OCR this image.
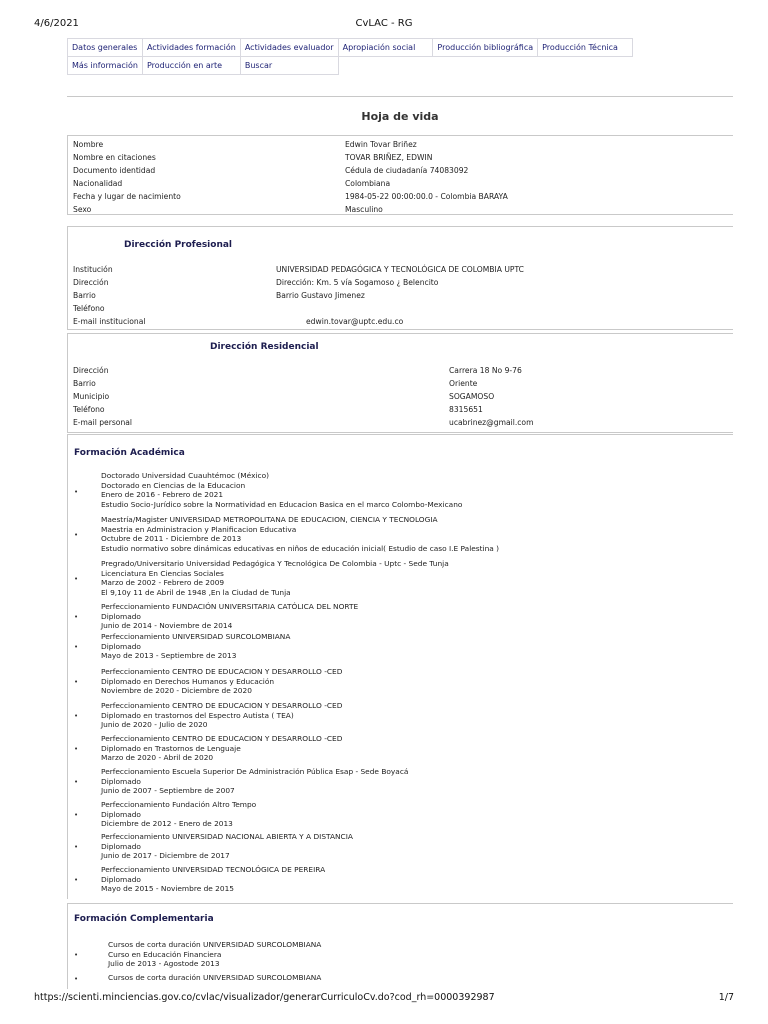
4/6/2021	CvLAC - RG
Datos generales	Actividades formación	Actividades evaluador	Apropiación social	Producción bibliográfica	Producción Técnica
Más información	Producción en arte	Buscar			
Hoja de vida
Nombre	Edwin Tovar Briñez
Nombre en citaciones	TOVAR BRIÑEZ, EDWIN
Documento identidad	Cédula de ciudadanía 74083092
Nacionalidad	Colombiana
Fecha y lugar de nacimiento	1984-05-22 00:00:00.0 - Colombia BARAYA
Sexo	Masculino
Dirección Profesional
Institución	UNIVERSIDAD PEDAGÓGICA Y TECNOLÓGICA DE COLOMBIA UPTC
Dirección	Dirección: Km. 5 vía Sogamoso ¿ Belencito
Barrio	Barrio Gustavo Jimenez
Teléfono
E-mail institucional	edwin.tovar@uptc.edu.co
Dirección Residencial
Dirección	Carrera 18 No 9-76
Barrio	Oriente
Municipio	SOGAMOSO
Teléfono	8315651
E-mail personal	ucabrinez@gmail.com
Formación Académica
Doctorado Universidad Cuauhtémoc (México)
Doctorado en Ciencias de la Educacion
Enero de 2016 - Febrero de 2021
Estudio Socio-Jurídico sobre la Normatividad en Educacion Basica en el marco Colombo-Mexicano
•
Maestría/Magister UNIVERSIDAD METROPOLITANA DE EDUCACION, CIENCIA Y TECNOLOGIA
Maestria en Administracion y Planificacion Educativa
Octubre de 2011 - Diciembre de 2013
Estudio normativo sobre dinámicas educativas en niños de educación inicial( Estudio de caso I.E Palestina )
•
Pregrado/Universitario Universidad Pedagógica Y Tecnológica De Colombia - Uptc - Sede Tunja
Licenciatura En Ciencias Sociales
Marzo de 2002 - Febrero de 2009
El 9,10y 11 de Abril de 1948 ,En la Ciudad de Tunja
•
Perfeccionamiento FUNDACIÓN UNIVERSITARIA CATÓLICA DEL NORTE
Diplomado
Junio de 2014 - Noviembre de 2014
•
Perfeccionamiento UNIVERSIDAD SURCOLOMBIANA
Diplomado
Mayo de 2013 - Septiembre de 2013
•
Perfeccionamiento CENTRO DE EDUCACION Y DESARROLLO -CED
Diplomado en Derechos Humanos y Educación
Noviembre de 2020 - Diciembre de 2020
•
Perfeccionamiento CENTRO DE EDUCACION Y DESARROLLO -CED
Diplomado en trastornos del Espectro Autista ( TEA)
Junio de 2020 - Julio de 2020
•
Perfeccionamiento CENTRO DE EDUCACION Y DESARROLLO -CED
Diplomado en Trastornos de Lenguaje
Marzo de 2020 - Abril de 2020
•
Perfeccionamiento Escuela Superior De Administración Pública Esap - Sede Boyacá
Diplomado
Junio de 2007 - Septiembre de 2007
•
Perfeccionamiento Fundación Altro Tempo
Diplomado
Diciembre de 2012 - Enero de 2013
•
Perfeccionamiento UNIVERSIDAD NACIONAL ABIERTA Y A DISTANCIA
Diplomado
Junio de 2017 - Diciembre de 2017
•
Perfeccionamiento UNIVERSIDAD TECNOLÓGICA DE PEREIRA
Diplomado
Mayo de 2015 - Noviembre de 2015
•
Formación Complementaria
Cursos de corta duración UNIVERSIDAD SURCOLOMBIANA
Curso en Educación Financiera
Julio de 2013 - Agostode 2013
•
Cursos de corta duración UNIVERSIDAD SURCOLOMBIANA
•
https://scienti.minciencias.gov.co/cvlac/visualizador/generarCurriculoCv.do?cod_rh=0000392987	1/7
